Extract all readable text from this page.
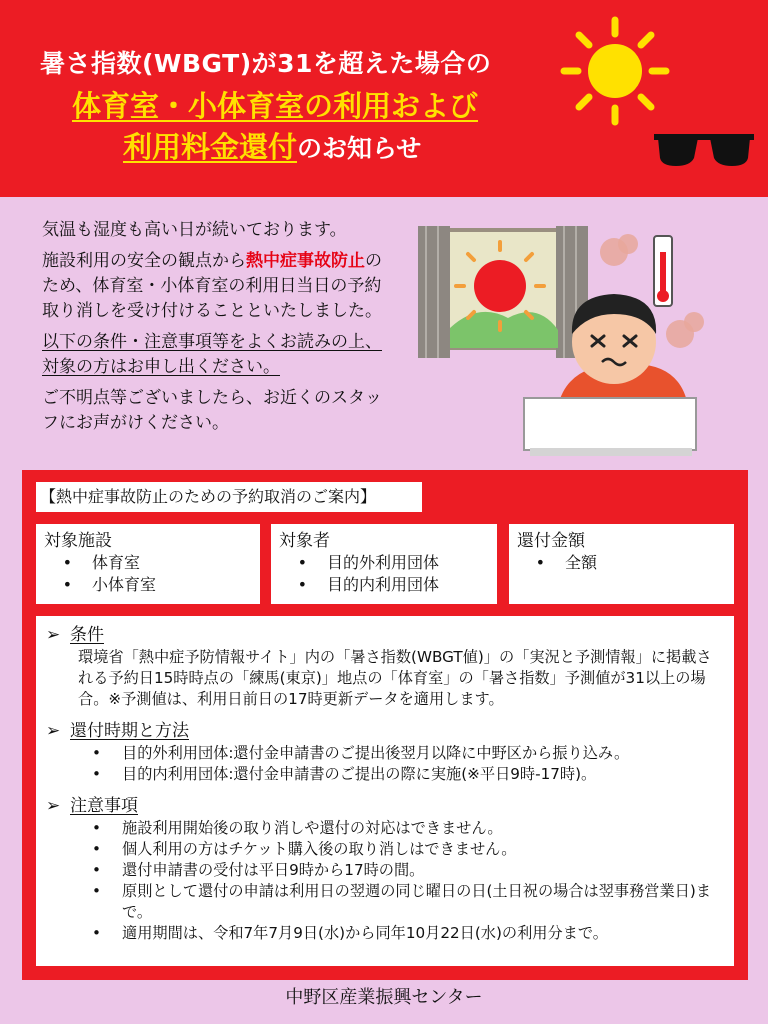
暑さ指数(WBGT)が31を超えた場合の
体育室・小体育室の利用および
利用料金還付のお知らせ

気温も湿度も高い日が続いております。

施設利用の安全の観点から熱中症事故防止のため、体育室・小体育室の利用日当日の予約取り消しを受け付けることといたしました。

以下の条件・注意事項等をよくお読みの上、対象の方はお申し出ください。

ご不明点等ございましたら、お近くのスタッフにお声がけください。

【熱中症事故防止のための予約取消のご案内】
対象施設
• 体育室
• 小体育室
対象者
• 目的外利用団体
• 目的内利用団体
還付金額
• 全額
➢ 条件
環境省「熱中症予防情報サイト」内の「暑さ指数(WBGT値)」の「実況と予測情報」に掲載される予約日15時時点の「練馬(東京)」地点の「体育室」の「暑さ指数」予測値が31以上の場合。※予測値は、利用日前日の17時更新データを適用します。
➢ 還付時期と方法
• 目的外利用団体:還付金申請書のご提出後翌月以降に中野区から振り込み。
• 目的内利用団体:還付金申請書のご提出の際に実施(※平日9時-17時)。
➢ 注意事項
• 施設利用開始後の取り消しや還付の対応はできません。
• 個人利用の方はチケット購入後の取り消しはできません。
• 還付申請書の受付は平日9時から17時の間。
• 原則として還付の申請は利用日の翌週の同じ曜日の日(土日祝の場合は翌事務営業日)まで。
• 適用期間は、令和7年7月9日(水)から同年10月22日(水)の利用分まで。
中野区産業振興センター
